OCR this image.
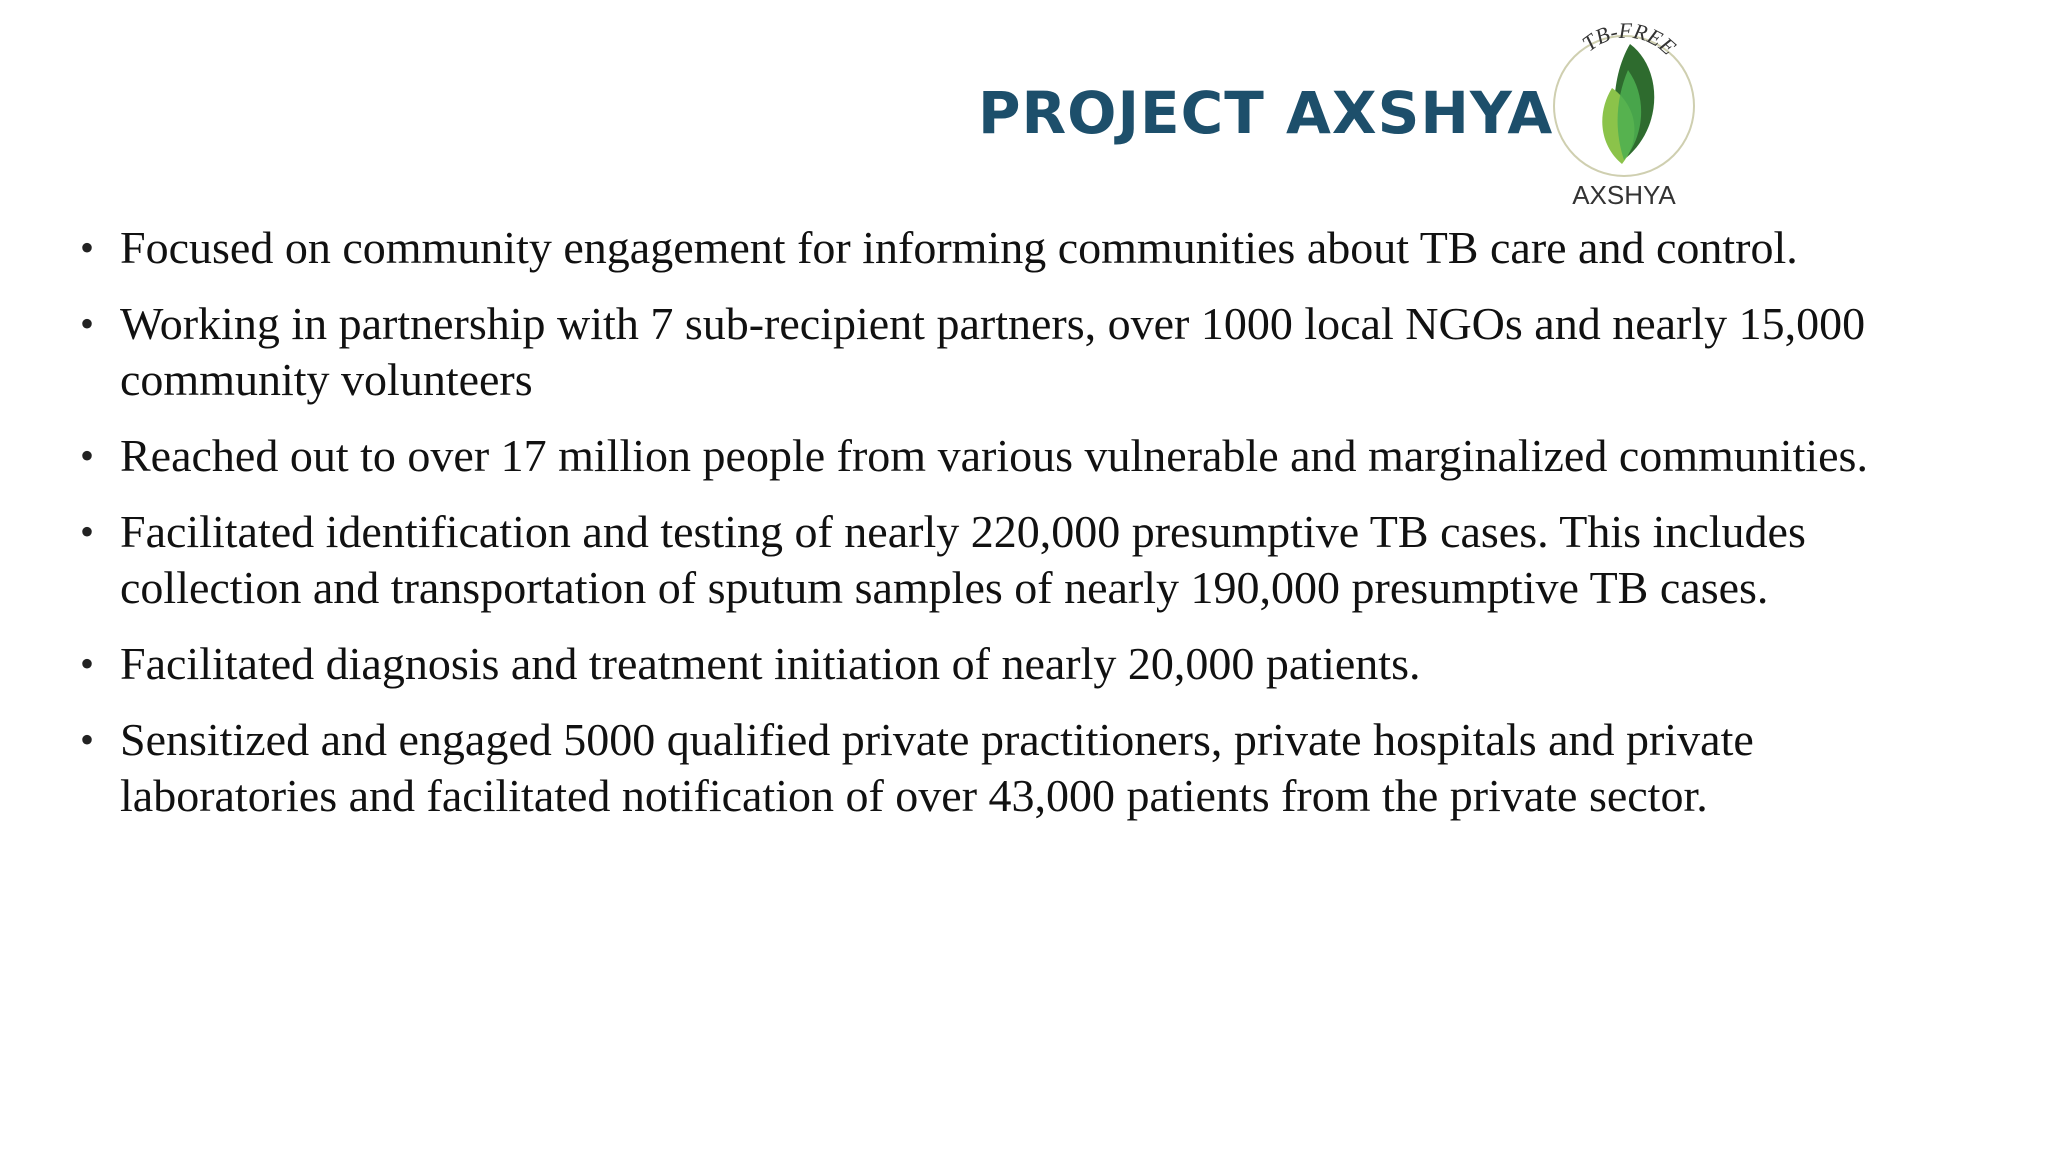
PROJECT AXSHYA
TB-FREE
AXSHYA
• Focused on community engagement for informing communities about TB care and control.
• Working in partnership with 7 sub-recipient partners, over 1000 local NGOs and nearly 15,000 community volunteers
• Reached out to over 17 million people from various vulnerable and marginalized communities.
• Facilitated identification and testing of nearly 220,000 presumptive TB cases. This includes collection and transportation of sputum samples of nearly 190,000 presumptive TB cases.
• Facilitated diagnosis and treatment initiation of nearly 20,000 patients.
• Sensitized and engaged 5000 qualified private practitioners, private hospitals and private laboratories and facilitated notification of over 43,000 patients from the private sector.
